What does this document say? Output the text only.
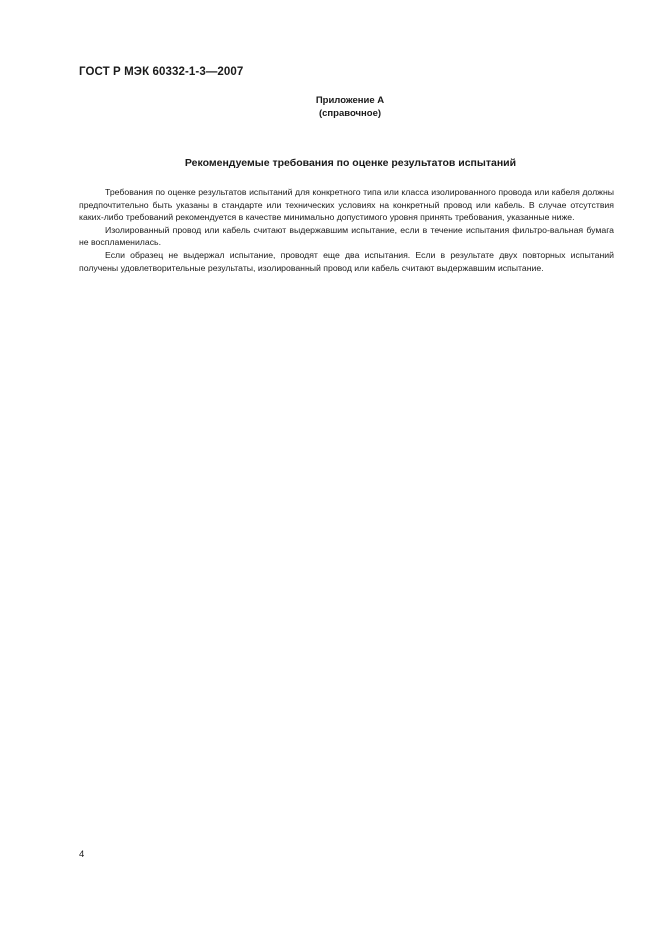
ГОСТ Р МЭК 60332-1-3—2007
Приложение А
(справочное)
Рекомендуемые требования по оценке результатов испытаний

Требования по оценке результатов испытаний для конкретного типа или класса изолированного провода или кабеля должны предпочтительно быть указаны в стандарте или технических условиях на конкретный провод или кабель. В случае отсутствия каких-либо требований рекомендуется в качестве минимально допустимого уровня принять требования, указанные ниже.

Изолированный провод или кабель считают выдержавшим испытание, если в течение испытания фильтро-вальная бумага не воспламенилась.

Если образец не выдержал испытание, проводят еще два испытания. Если в результате двух повторных испытаний получены удовлетворительные результаты, изолированный провод или кабель считают выдержавшим испытание.

4
